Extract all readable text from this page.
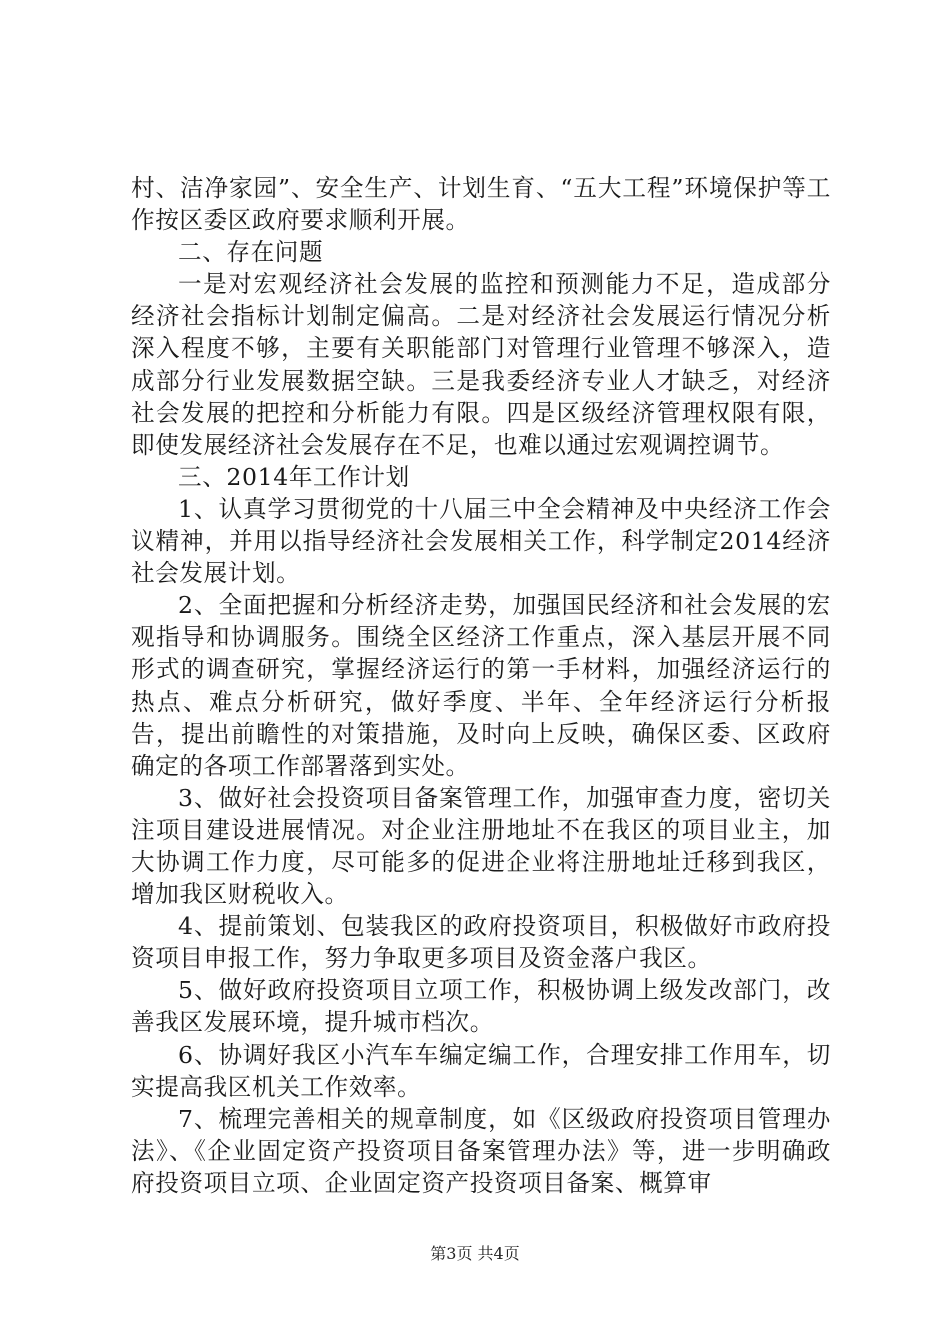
村、洁净家园”、安全生产、计划生育、“五大工程”环境保护等工作按区委区政府要求顺利开展。

二、存在问题

一是对宏观经济社会发展的监控和预测能力不足，造成部分经济社会指标计划制定偏高。二是对经济社会发展运行情况分析深入程度不够，主要有关职能部门对管理行业管理不够深入，造成部分行业发展数据空缺。三是我委经济专业人才缺乏，对经济社会发展的把控和分析能力有限。四是区级经济管理权限有限，即使发展经济社会发展存在不足，也难以通过宏观调控调节。

三、2014年工作计划

1、认真学习贯彻党的十八届三中全会精神及中央经济工作会议精神，并用以指导经济社会发展相关工作，科学制定2014经济社会发展计划。

2、全面把握和分析经济走势，加强国民经济和社会发展的宏观指导和协调服务。围绕全区经济工作重点，深入基层开展不同形式的调查研究，掌握经济运行的第一手材料，加强经济运行的热点、难点分析研究，做好季度、半年、全年经济运行分析报告，提出前瞻性的对策措施，及时向上反映，确保区委、区政府确定的各项工作部署落到实处。

3、做好社会投资项目备案管理工作，加强审查力度，密切关注项目建设进展情况。对企业注册地址不在我区的项目业主，加大协调工作力度，尽可能多的促进企业将注册地址迁移到我区，增加我区财税收入。

4、提前策划、包装我区的政府投资项目，积极做好市政府投资项目申报工作，努力争取更多项目及资金落户我区。

5、做好政府投资项目立项工作，积极协调上级发改部门，改善我区发展环境，提升城市档次。

6、协调好我区小汽车车编定编工作，合理安排工作用车，切实提高我区机关工作效率。

7、梳理完善相关的规章制度，如《区级政府投资项目管理办法》、《企业固定资产投资项目备案管理办法》等，进一步明确政府投资项目立项、企业固定资产投资项目备案、概算审

第3页 共4页
